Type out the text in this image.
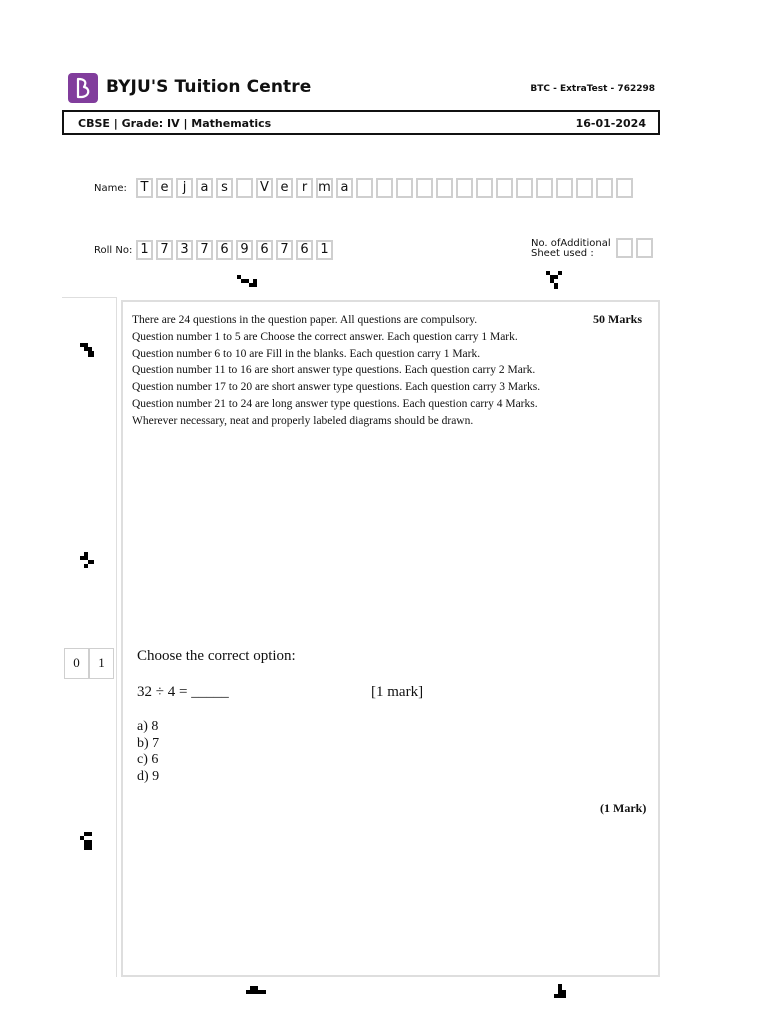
BYJU'S Tuition Centre	BTC - ExtraTest - 762298
CBSE | Grade: IV | Mathematics	16-01-2024
Name:	T e	j	a s	V e	r m a
Roll No: 1 7 3 7 6 9 6 7 6 1	No. ofAdditional
Sheet used :
There are 24 questions in the question paper. All questions are compulsory.
Question number 1 to 5 are Choose the correct answer. Each question carry 1 Mark.
Question number 6 to 10 are Fill in the blanks. Each question carry 1 Mark.
Question number 11 to 16 are short answer type questions. Each question carry 2 Mark.
Question number 17 to 20 are short answer type questions. Each question carry 3 Marks.
Question number 21 to 24 are long answer type questions. Each question carry 4 Marks.
Wherever necessary, neat and properly labeled diagrams should be drawn.
50 Marks
0	1	Choose the correct option:
32 ÷ 4 = _____	[1 mark]
a) 8
b) 7
c) 6
d) 9
(1 Mark)
